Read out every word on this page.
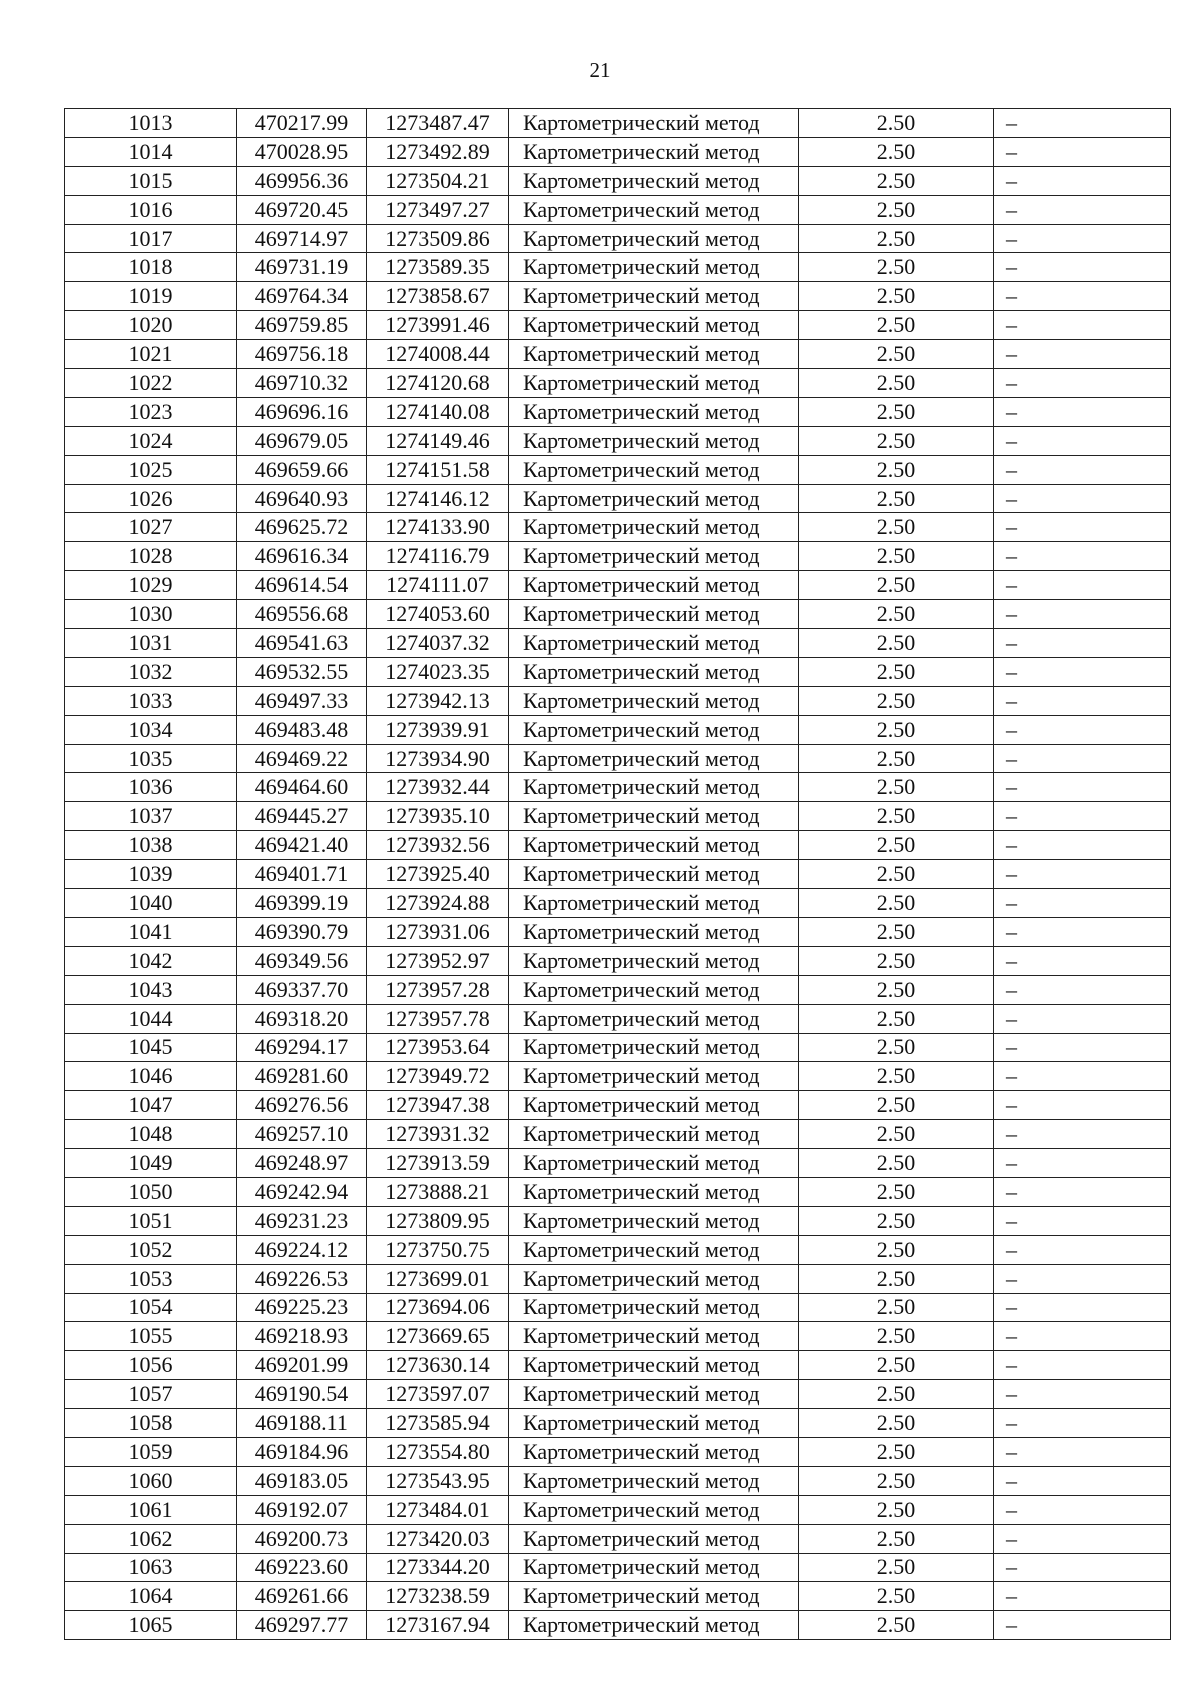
21
1013	470217.99	1273487.47	Картометрический метод	2.50	–
1014	470028.95	1273492.89	Картометрический метод	2.50	–
1015	469956.36	1273504.21	Картометрический метод	2.50	–
1016	469720.45	1273497.27	Картометрический метод	2.50	–
1017	469714.97	1273509.86	Картометрический метод	2.50	–
1018	469731.19	1273589.35	Картометрический метод	2.50	–
1019	469764.34	1273858.67	Картометрический метод	2.50	–
1020	469759.85	1273991.46	Картометрический метод	2.50	–
1021	469756.18	1274008.44	Картометрический метод	2.50	–
1022	469710.32	1274120.68	Картометрический метод	2.50	–
1023	469696.16	1274140.08	Картометрический метод	2.50	–
1024	469679.05	1274149.46	Картометрический метод	2.50	–
1025	469659.66	1274151.58	Картометрический метод	2.50	–
1026	469640.93	1274146.12	Картометрический метод	2.50	–
1027	469625.72	1274133.90	Картометрический метод	2.50	–
1028	469616.34	1274116.79	Картометрический метод	2.50	–
1029	469614.54	1274111.07	Картометрический метод	2.50	–
1030	469556.68	1274053.60	Картометрический метод	2.50	–
1031	469541.63	1274037.32	Картометрический метод	2.50	–
1032	469532.55	1274023.35	Картометрический метод	2.50	–
1033	469497.33	1273942.13	Картометрический метод	2.50	–
1034	469483.48	1273939.91	Картометрический метод	2.50	–
1035	469469.22	1273934.90	Картометрический метод	2.50	–
1036	469464.60	1273932.44	Картометрический метод	2.50	–
1037	469445.27	1273935.10	Картометрический метод	2.50	–
1038	469421.40	1273932.56	Картометрический метод	2.50	–
1039	469401.71	1273925.40	Картометрический метод	2.50	–
1040	469399.19	1273924.88	Картометрический метод	2.50	–
1041	469390.79	1273931.06	Картометрический метод	2.50	–
1042	469349.56	1273952.97	Картометрический метод	2.50	–
1043	469337.70	1273957.28	Картометрический метод	2.50	–
1044	469318.20	1273957.78	Картометрический метод	2.50	–
1045	469294.17	1273953.64	Картометрический метод	2.50	–
1046	469281.60	1273949.72	Картометрический метод	2.50	–
1047	469276.56	1273947.38	Картометрический метод	2.50	–
1048	469257.10	1273931.32	Картометрический метод	2.50	–
1049	469248.97	1273913.59	Картометрический метод	2.50	–
1050	469242.94	1273888.21	Картометрический метод	2.50	–
1051	469231.23	1273809.95	Картометрический метод	2.50	–
1052	469224.12	1273750.75	Картометрический метод	2.50	–
1053	469226.53	1273699.01	Картометрический метод	2.50	–
1054	469225.23	1273694.06	Картометрический метод	2.50	–
1055	469218.93	1273669.65	Картометрический метод	2.50	–
1056	469201.99	1273630.14	Картометрический метод	2.50	–
1057	469190.54	1273597.07	Картометрический метод	2.50	–
1058	469188.11	1273585.94	Картометрический метод	2.50	–
1059	469184.96	1273554.80	Картометрический метод	2.50	–
1060	469183.05	1273543.95	Картометрический метод	2.50	–
1061	469192.07	1273484.01	Картометрический метод	2.50	–
1062	469200.73	1273420.03	Картометрический метод	2.50	–
1063	469223.60	1273344.20	Картометрический метод	2.50	–
1064	469261.66	1273238.59	Картометрический метод	2.50	–
1065	469297.77	1273167.94	Картометрический метод	2.50	–
